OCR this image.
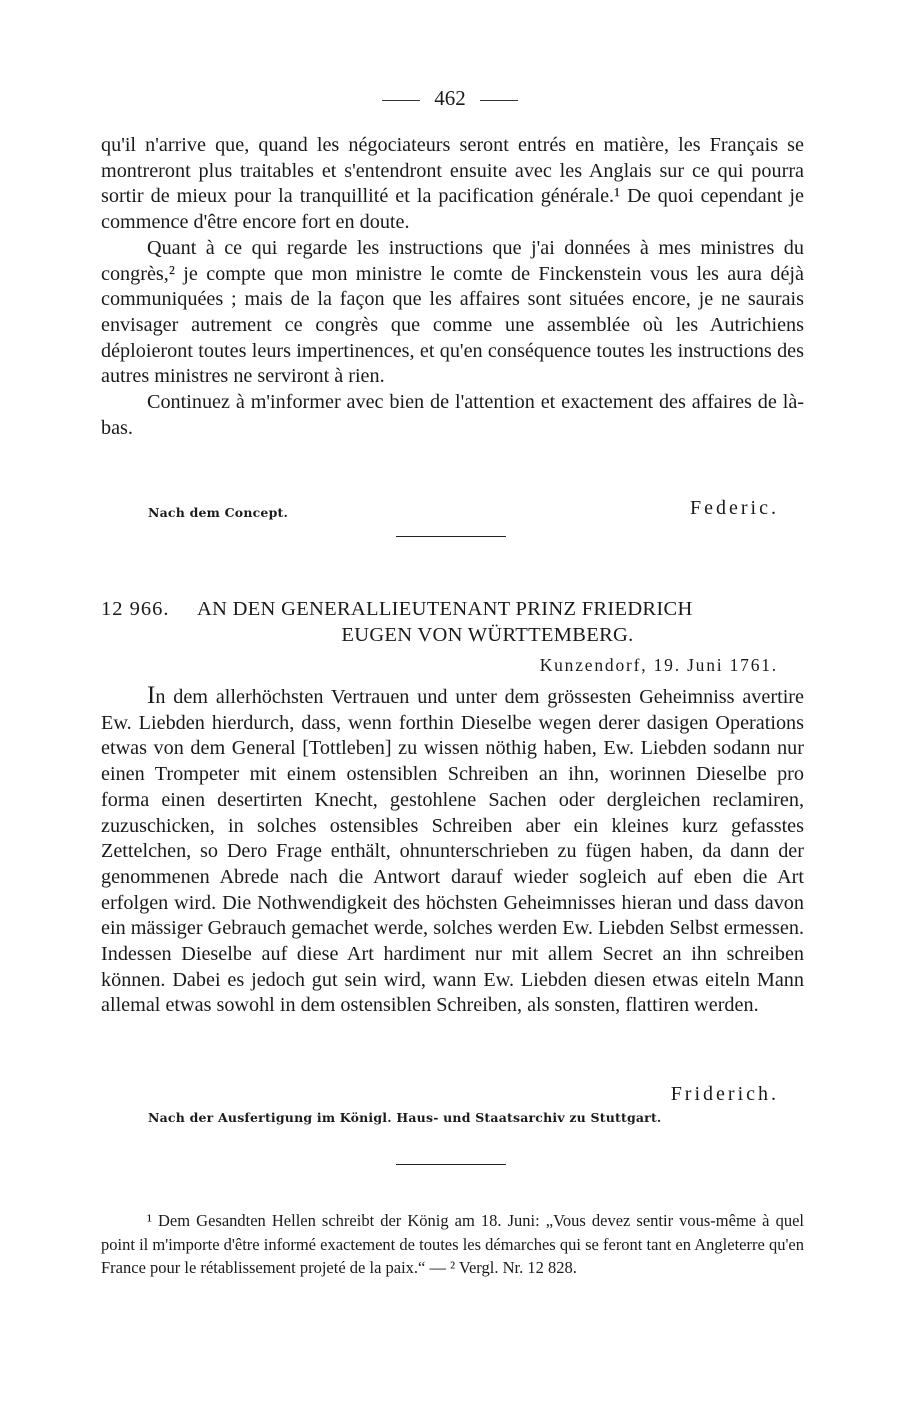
462

qu'il n'arrive que, quand les négociateurs seront entrés en matière, les Français se montreront plus traitables et s'entendront ensuite avec les Anglais sur ce qui pourra sortir de mieux pour la tranquillité et la pacification générale.¹ De quoi cependant je commence d'être encore fort en doute.

Quant à ce qui regarde les instructions que j'ai données à mes ministres du congrès,² je compte que mon ministre le comte de Finckenstein vous les aura déjà communiquées ; mais de la façon que les affaires sont situées encore, je ne saurais envisager autrement ce congrès que comme une assemblée où les Autrichiens déploieront toutes leurs impertinences, et qu'en conséquence toutes les instructions des autres ministres ne serviront à rien.

Continuez à m'informer avec bien de l'attention et exactement des affaires de là-bas.

Nach dem Concept.	Federic.
12 966. AN DEN GENERALLIEUTENANT PRINZ FRIEDRICH
EUGEN VON WÜRTTEMBERG.
Kunzendorf, 19. Juni 1761.
In dem allerhöchsten Vertrauen und unter dem grössesten Geheimniss avertire Ew. Liebden hierdurch, dass, wenn forthin Dieselbe wegen derer dasigen Operations etwas von dem General [Tottleben] zu wissen nöthig haben, Ew. Liebden sodann nur einen Trompeter mit einem ostensiblen Schreiben an ihn, worinnen Dieselbe pro forma einen desertirten Knecht, gestohlene Sachen oder dergleichen reclamiren, zuzuschicken, in solches ostensibles Schreiben aber ein kleines kurz gefasstes Zettelchen, so Dero Frage enthält, ohnunterschrieben zu fügen haben, da dann der genommenen Abrede nach die Antwort darauf wieder sogleich auf eben die Art erfolgen wird. Die Nothwendigkeit des höchsten Geheimnisses hieran und dass davon ein mässiger Gebrauch gemachet werde, solches werden Ew. Liebden Selbst ermessen. Indessen Dieselbe auf diese Art hardiment nur mit allem Secret an ihn schreiben können. Dabei es jedoch gut sein wird, wann Ew. Liebden diesen etwas eiteln Mann allemal etwas sowohl in dem ostensiblen Schreiben, als sonsten, flattiren werden.
Friderich.
Nach der Ausfertigung im Königl. Haus- und Staatsarchiv zu Stuttgart.

¹ Dem Gesandten Hellen schreibt der König am 18. Juni: „Vous devez sentir vous-même à quel point il m'importe d'être informé exactement de toutes les démarches qui se feront tant en Angleterre qu'en France pour le rétablissement projeté de la paix.“ — ² Vergl. Nr. 12 828.
